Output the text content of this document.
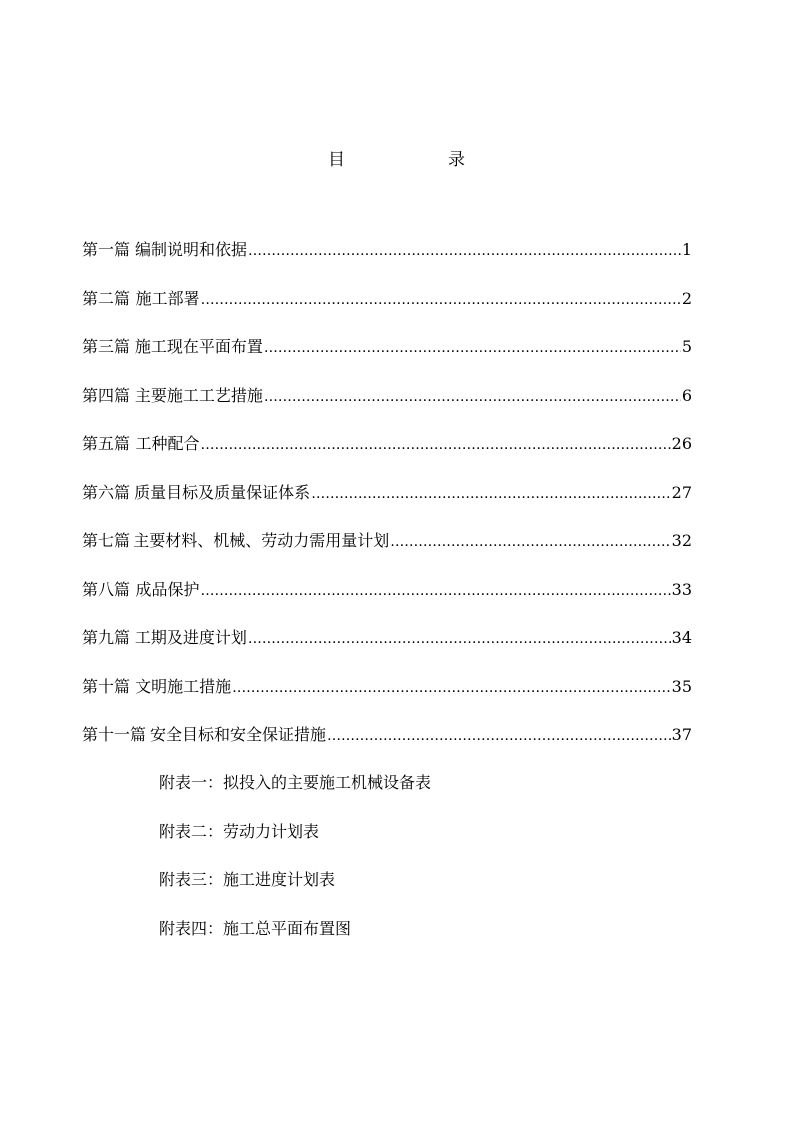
目	录
第一篇 编制说明和依据 ……………………………………………………………………………………………………………………………………………………………………………………………………	1
第二篇 施工部署 ……………………………………………………………………………………………………………………………………………………………………………………………………	2
第三篇 施工现在平面布置 ……………………………………………………………………………………………………………………………………………………………………………………………………	5
第四篇 主要施工工艺措施 ……………………………………………………………………………………………………………………………………………………………………………………………………	6
第五篇 工种配合 ……………………………………………………………………………………………………………………………………………………………………………………………………	26
第六篇 质量目标及质量保证体系 ……………………………………………………………………………………………………………………………………………………………………………………………………	27
第七篇 主要材料、机械、劳动力需用量计划 ……………………………………………………………………………………………………………………………………………………………………………………………………	32
第八篇 成品保护 ……………………………………………………………………………………………………………………………………………………………………………………………………	33
第九篇 工期及进度计划 ……………………………………………………………………………………………………………………………………………………………………………………………………	34
第十篇 文明施工措施 ……………………………………………………………………………………………………………………………………………………………………………………………………	35
第十一篇 安全目标和安全保证措施 ……………………………………………………………………………………………………………………………………………………………………………………………………	37
附表一：拟投入的主要施工机械设备表
附表二：劳动力计划表
附表三：施工进度计划表
附表四：施工总平面布置图
